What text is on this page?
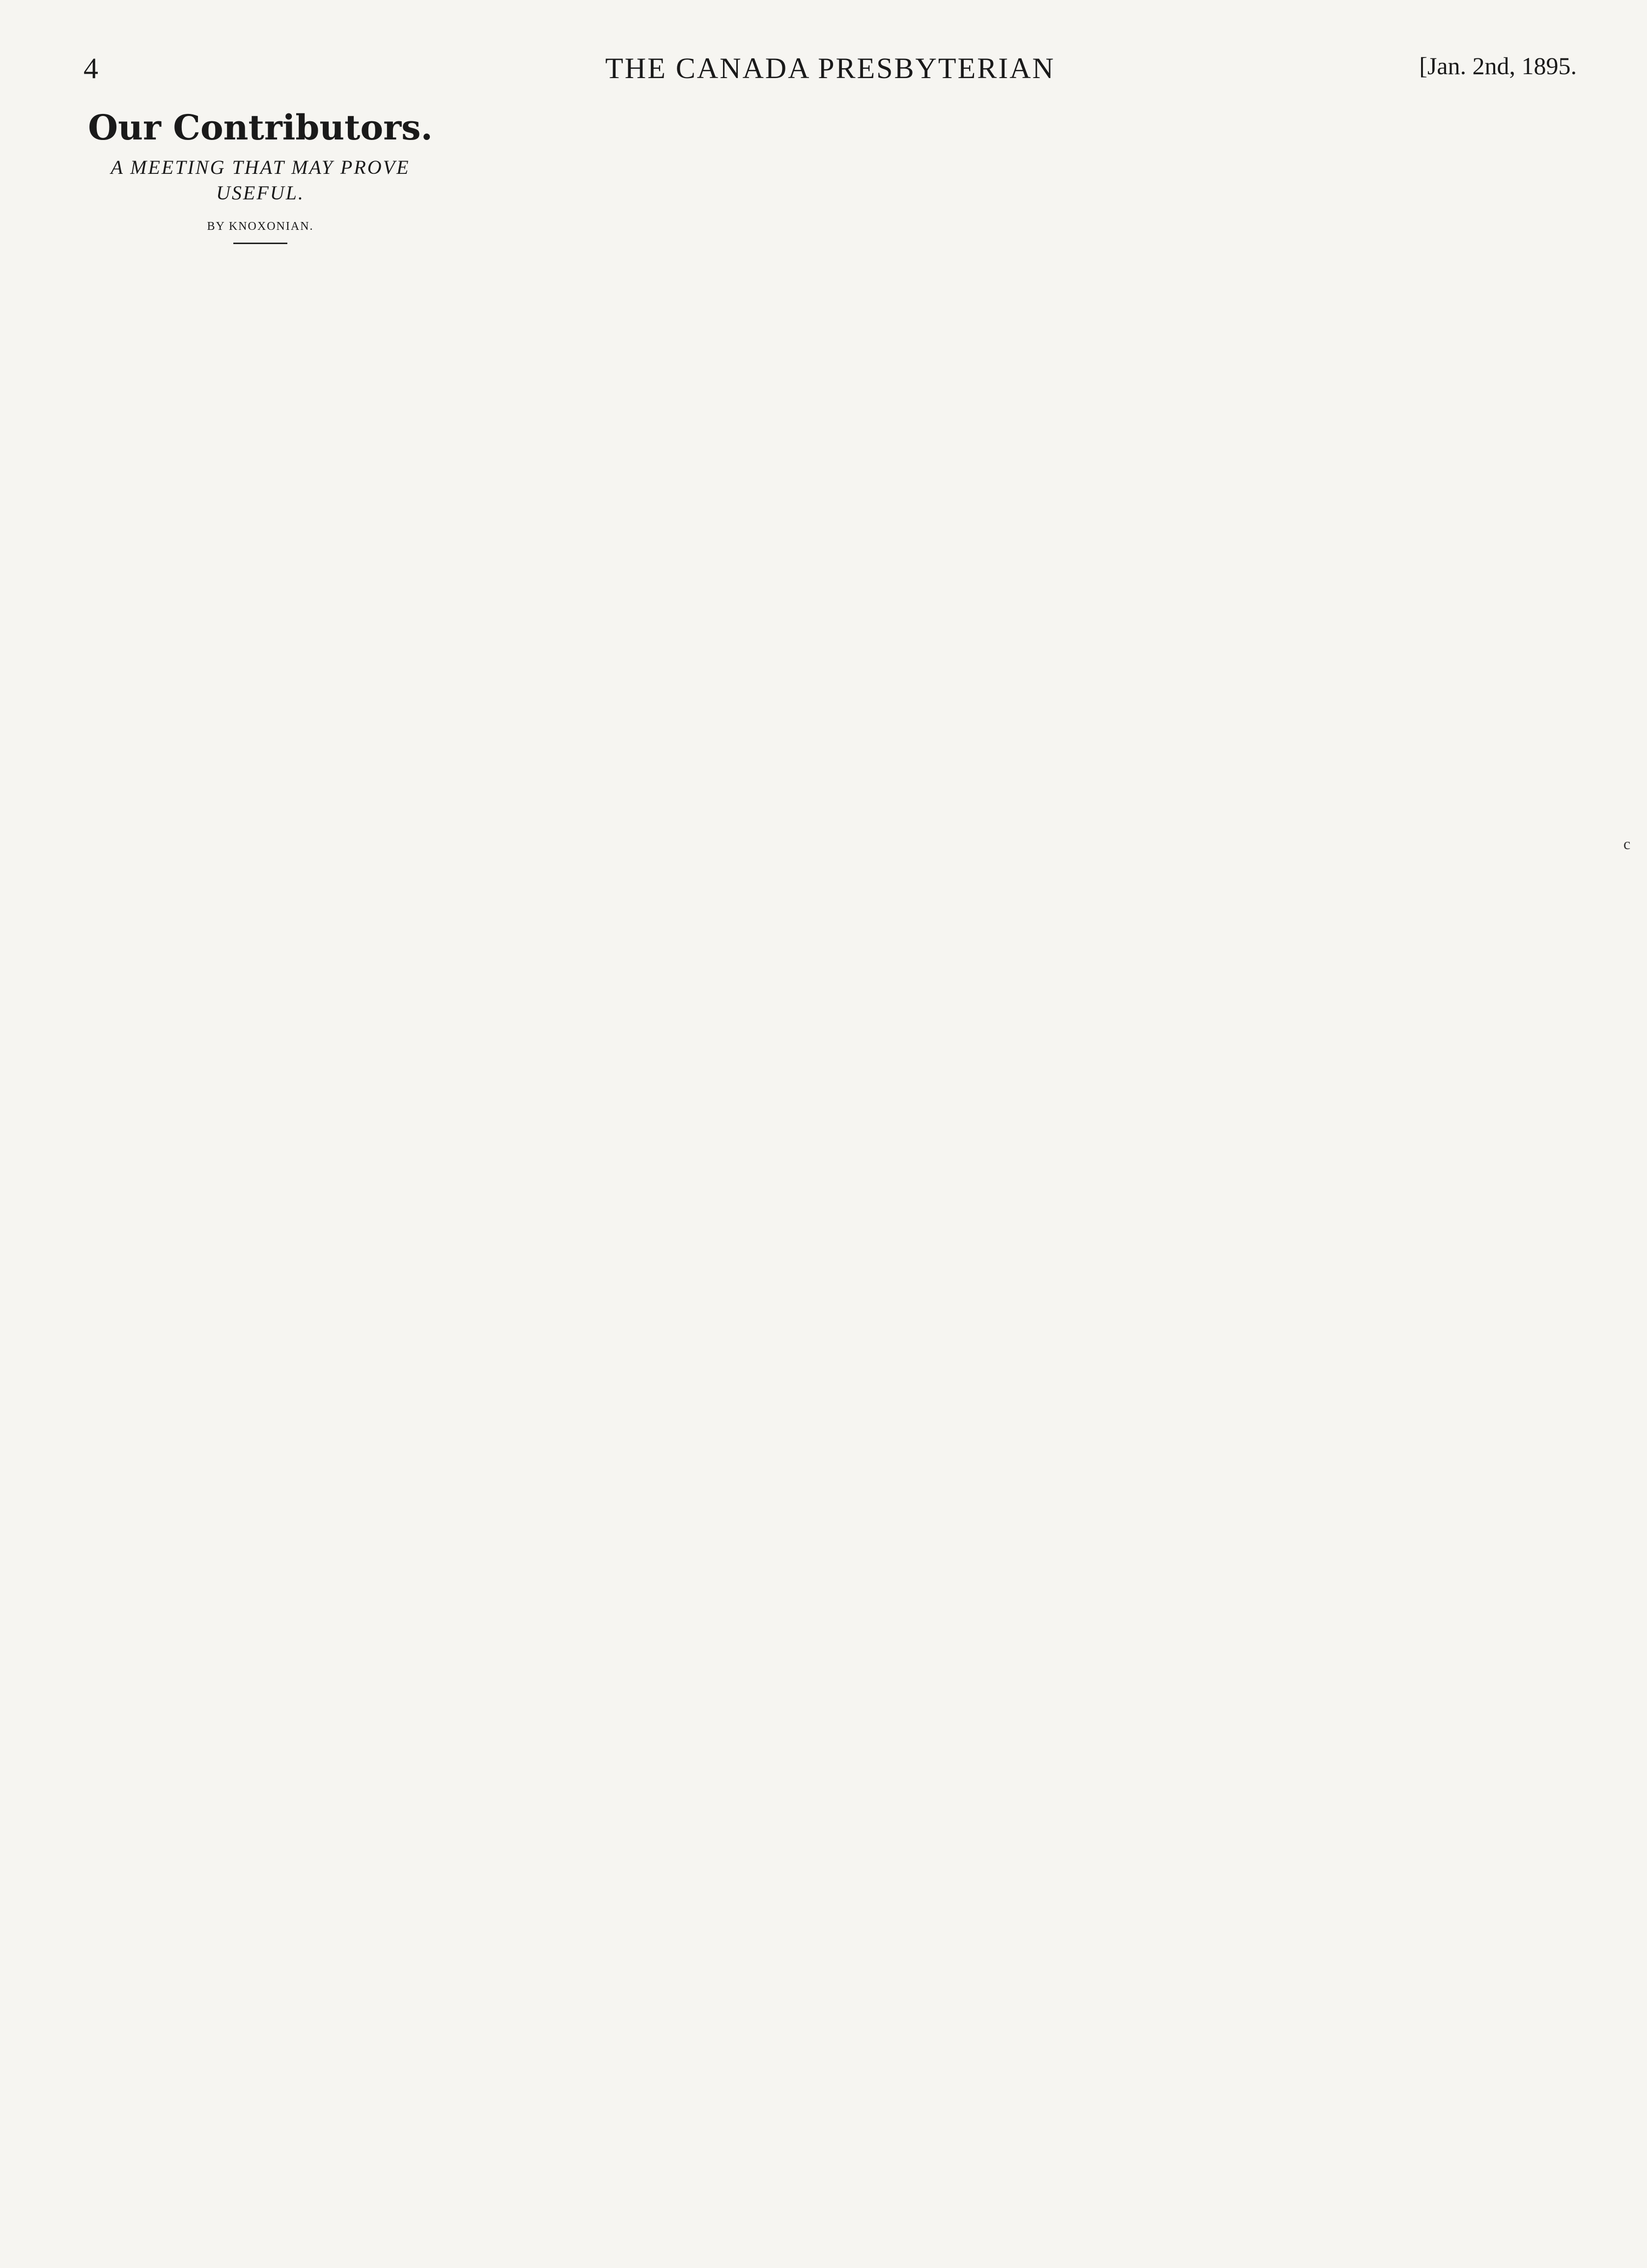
4	THE CANADA PRESBYTERIAN	[Jan. 2nd, 1895.
Our Contributors.
A MEETING THAT MAY PROVE USEFUL.
BY KNOXONIAN.
c
